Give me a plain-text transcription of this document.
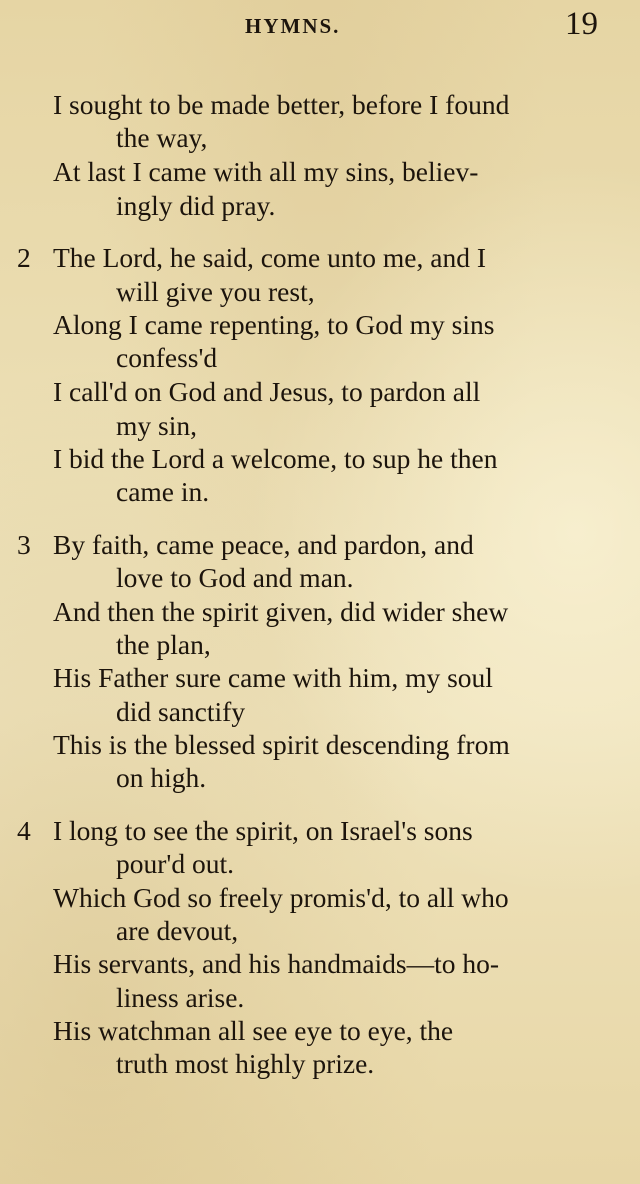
HYMNS.	19
I sought to be made better, before I found
the way,
At last I came with all my sins, believ-
ingly did pray.
2 The Lord, he said, come unto me, and I
will give you rest,
Along I came repenting, to God my sins
confess'd
I call'd on God and Jesus, to pardon all
my sin,
I bid the Lord a welcome, to sup he then
came in.
3 By faith, came peace, and pardon, and
love to God and man.
And then the spirit given, did wider shew
the plan,
His Father sure came with him, my soul
did sanctify
This is the blessed spirit descending from
on high.
4 I long to see the spirit, on Israel's sons
pour'd out.
Which God so freely promis'd, to all who
are devout,
His servants, and his handmaids—to ho-
liness arise.
His watchman all see eye to eye, the
truth most highly prize.
